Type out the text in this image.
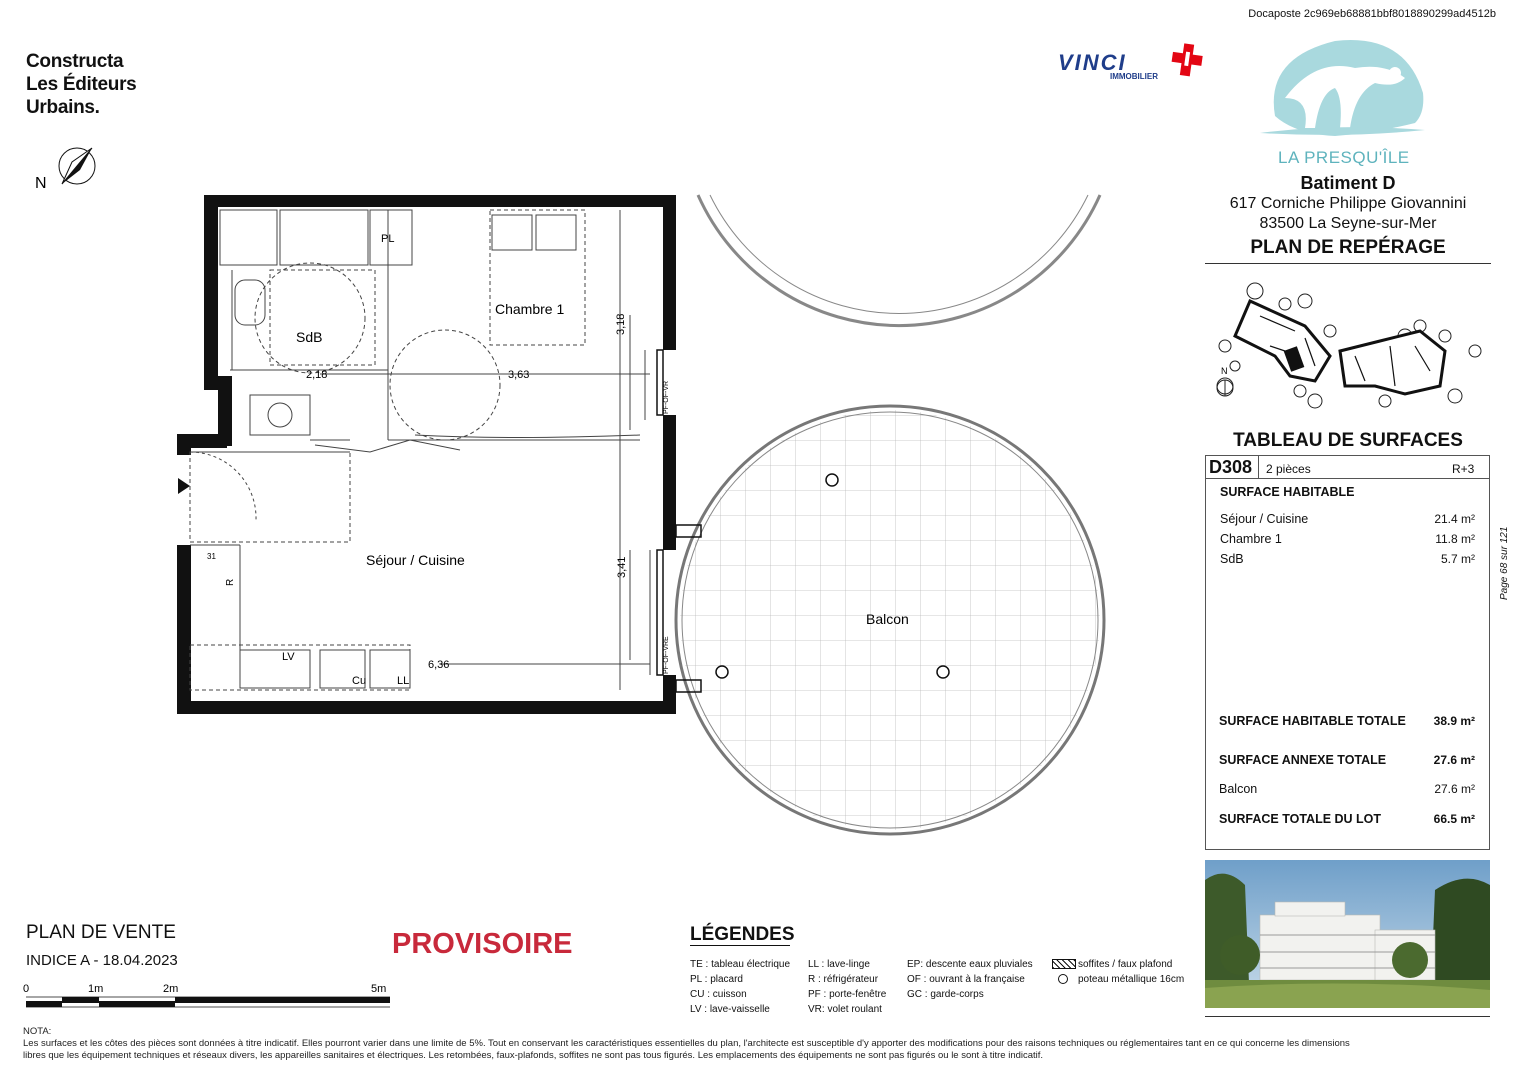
Docaposte 2c969eb68881bbf8018890299ad4512b
Constructa
Les Éditeurs
Urbains.
N
VINCI
IMMOBILIER
LA PRESQU'ÎLE
Batiment D
617 Corniche Philippe Giovannini
83500 La Seyne-sur-Mer
PLAN DE REPÉRAGE
N
TABLEAU DE SURFACES
D308 2 pièces	R+3
SURFACE HABITABLE
Séjour / Cuisine	21.4 m²
Chambre 1	11.8 m²
SdB	5.7 m²
SURFACE HABITABLE TOTALE	38.9 m²
SURFACE ANNEXE TOTALE	27.6 m²
Balcon	27.6 m²
SURFACE TOTALE DU LOT	66.5 m²
Page 68 sur 121
Chambre 1
SdB
Séjour / Cuisine
Balcon
PL
2,18	3,63
3,18
3,41
6,36
LV
Cu	LL
R
31
PF-OF-VR
PF-OF-VRE
PLAN DE VENTE
INDICE A - 18.04.2023
PROVISOIRE
0	1m	2m	5m
LÉGENDES
TE : tableau électrique
PL : placard
CU : cuisson
LV : lave-vaisselle
LL : lave-linge
R : réfrigérateur
PF : porte-fenêtre
VR: volet roulant
EP: descente eaux pluviales
OF : ouvrant à la française
GC : garde-corps
soffites / faux plafond
poteau métallique 16cm
NOTA:
Les surfaces et les côtes des pièces sont données à titre indicatif. Elles pourront varier dans une limite de 5%. Tout en conservant les caractéristiques essentielles du plan, l'architecte est susceptible d'y apporter des modifications pour des raisons techniques ou réglementaires tant en ce qui concerne les dimensions
libres que les équipement techniques et réseaux divers, les appareilles sanitaires et électriques. Les retombées, faux-plafonds, soffites ne sont pas tous figurés. Les emplacements des équipements ne sont pas figurés ou le sont à titre indicatif.
